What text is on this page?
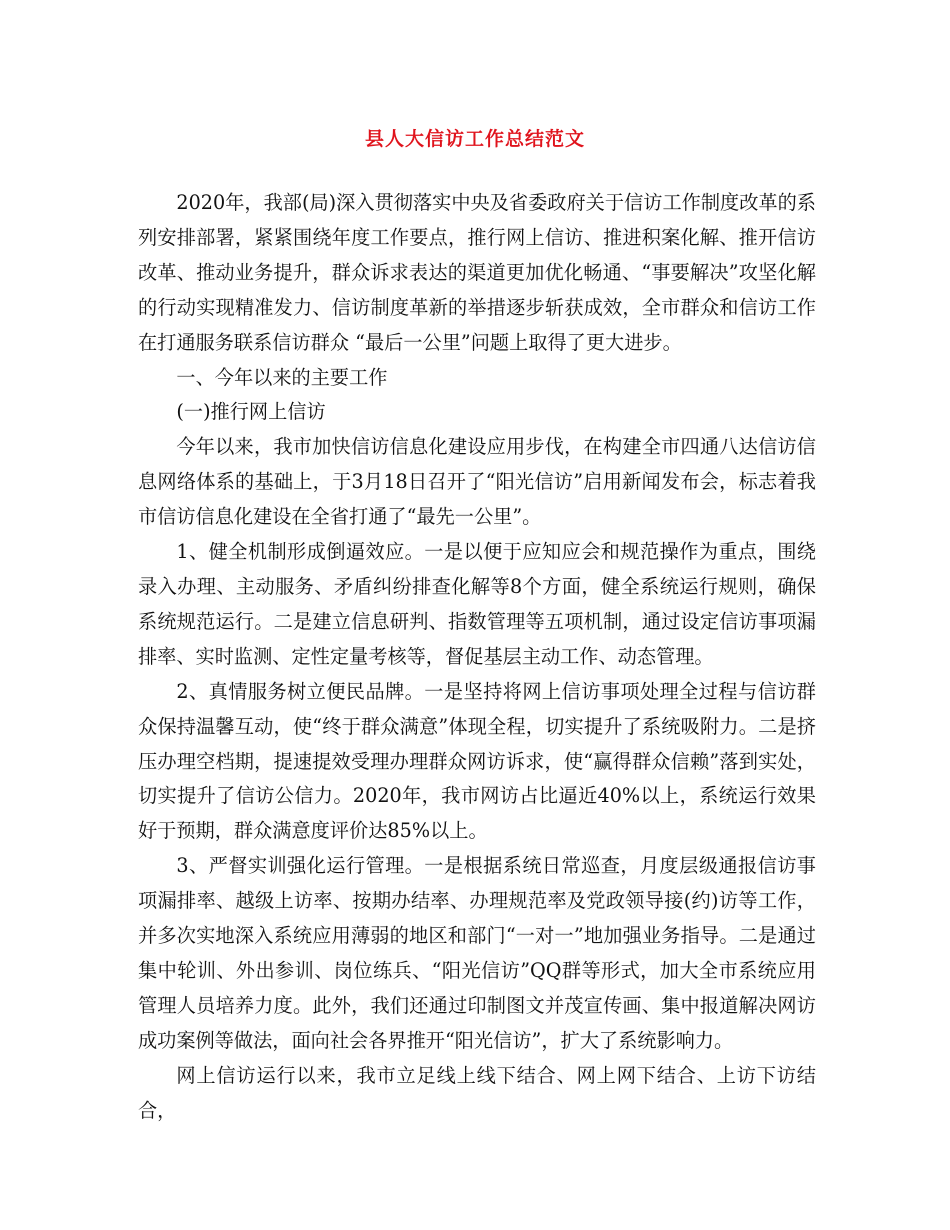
县人大信访工作总结范文

2020年，我部(局)深入贯彻落实中央及省委政府关于信访工作制度改革的系列安排部署，紧紧围绕年度工作要点，推行网上信访、推进积案化解、推开信访改革、推动业务提升，群众诉求表达的渠道更加优化畅通、“事要解决”攻坚化解的行动实现精准发力、信访制度革新的举措逐步斩获成效，全市群众和信访工作在打通服务联系信访群众 “最后一公里”问题上取得了更大进步。

一、今年以来的主要工作

(一)推行网上信访

今年以来，我市加快信访信息化建设应用步伐，在构建全市四通八达信访信息网络体系的基础上，于3月18日召开了“阳光信访”启用新闻发布会，标志着我市信访信息化建设在全省打通了“最先一公里”。

1、健全机制形成倒逼效应。一是以便于应知应会和规范操作为重点，围绕录入办理、主动服务、矛盾纠纷排查化解等8个方面，健全系统运行规则，确保系统规范运行。二是建立信息研判、指数管理等五项机制，通过设定信访事项漏排率、实时监测、定性定量考核等，督促基层主动工作、动态管理。

2、真情服务树立便民品牌。一是坚持将网上信访事项处理全过程与信访群众保持温馨互动，使“终于群众满意”体现全程，切实提升了系统吸附力。二是挤压办理空档期，提速提效受理办理群众网访诉求，使“赢得群众信赖”落到实处，切实提升了信访公信力。2020年，我市网访占比逼近40%以上，系统运行效果好于预期，群众满意度评价达85%以上。

3、严督实训强化运行管理。一是根据系统日常巡查，月度层级通报信访事项漏排率、越级上访率、按期办结率、办理规范率及党政领导接(约)访等工作，并多次实地深入系统应用薄弱的地区和部门“一对一”地加强业务指导。二是通过集中轮训、外出参训、岗位练兵、“阳光信访”QQ群等形式，加大全市系统应用管理人员培养力度。此外，我们还通过印制图文并茂宣传画、集中报道解决网访成功案例等做法，面向社会各界推开“阳光信访”，扩大了系统影响力。

网上信访运行以来，我市立足线上线下结合、网上网下结合、上访下访结合，
